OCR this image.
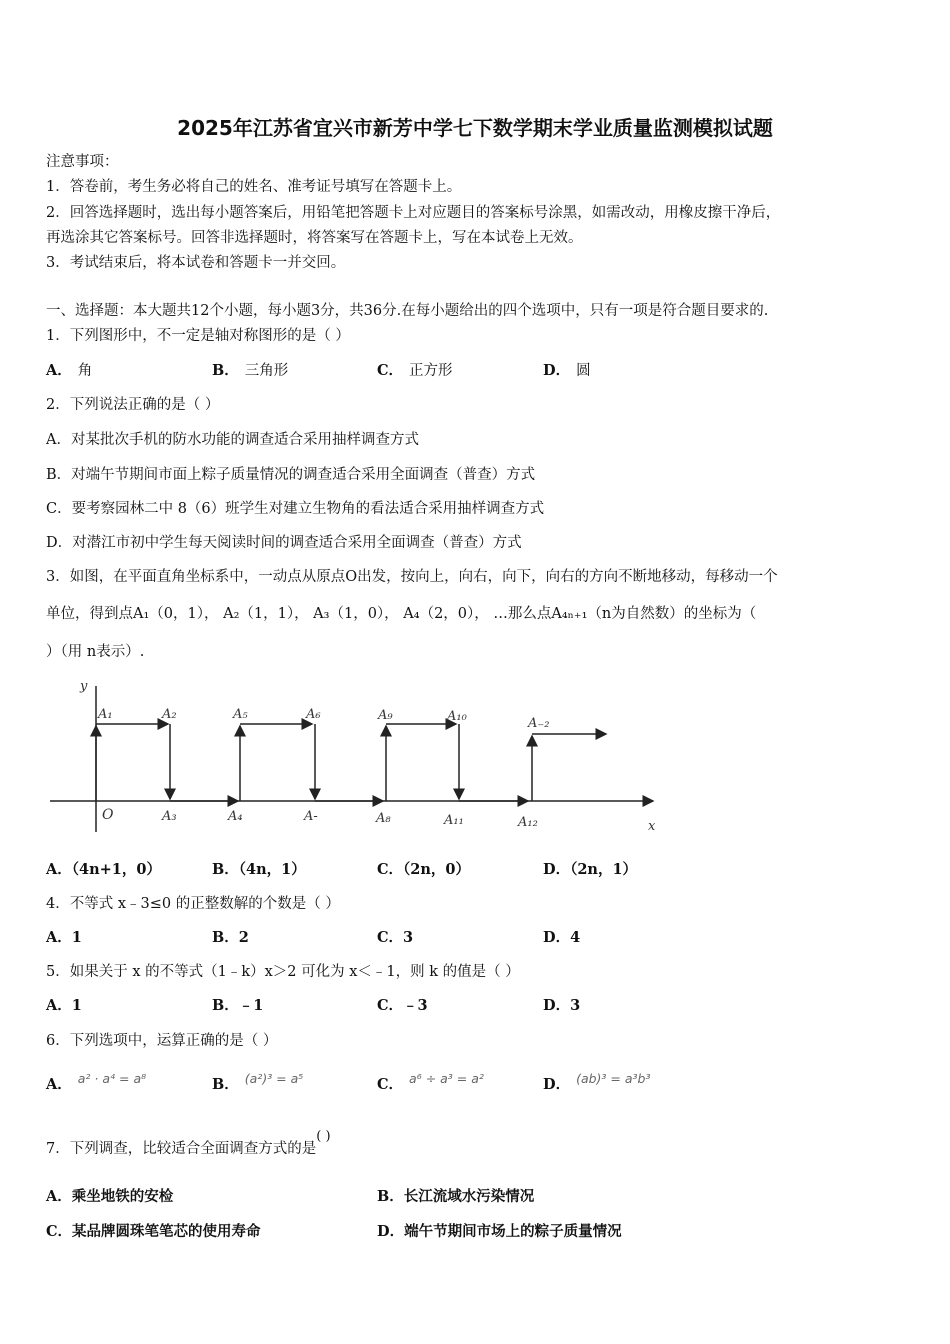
2025年江苏省宜兴市新芳中学七下数学期末学业质量监测模拟试题
注意事项：
1．答卷前，考生务必将自己的姓名、准考证号填写在答题卡上。
2．回答选择题时，选出每小题答案后，用铅笔把答题卡上对应题目的答案标号涂黑，如需改动，用橡皮擦干净后，
再选涂其它答案标号。回答非选择题时，将答案写在答题卡上，写在本试卷上无效。
3．考试结束后，将本试卷和答题卡一并交回。
一、选择题：本大题共12个小题，每小题3分，共36分.在每小题给出的四个选项中，只有一项是符合题目要求的.
1．下列图形中，不一定是轴对称图形的是（ ）
A． 角	B． 三角形	C． 正方形	D． 圆
2．下列说法正确的是（ ）
A．对某批次手机的防水功能的调查适合采用抽样调查方式
B．对端午节期间市面上粽子质量情况的调查适合采用全面调查（普查）方式
C．要考察园林二中 8（6）班学生对建立生物角的看法适合采用抽样调查方式
D．对潜江市初中学生每天阅读时间的调查适合采用全面调查（普查）方式
3．如图，在平面直角坐标系中，一动点从原点O出发，按向上，向右，向下，向右的方向不断地移动，每移动一个
单位，得到点A₁（0，1）， A₂（1，1）， A₃（1，0）， A₄（2，0）， …那么点A₄ₙ₊₁（n为自然数）的坐标为（
）（用 n表示）.
y
x
O
A₁	A₂	A₅	A₆	A₉	A₁₀	A₋₂
A₃	A₄	A-	A₈	A₁₁	A₁₂
A．（4n+1，0）	B．（4n，1）	C．（2n，0）	D．（2n，1）
4．不等式 x﹣3≤0 的正整数解的个数是（ ）
A．1	B．2	C．3	D．4
5．如果关于 x 的不等式（1﹣k）x＞2 可化为 x＜﹣1，则 k 的值是（ ）
A．1	B．﹣1	C．﹣3	D．3
6．下列选项中，运算正确的是（ ）
A． a² · a⁴ = a⁸	B． (a²)³ = a⁵	C． a⁶ ÷ a³ = a²	D． (ab)³ = a³b³
7．下列调查，比较适合全面调查方式的是( )
A．乘坐地铁的安检	B．长江流域水污染情况
C．某品牌圆珠笔笔芯的使用寿命	D．端午节期间市场上的粽子质量情况
